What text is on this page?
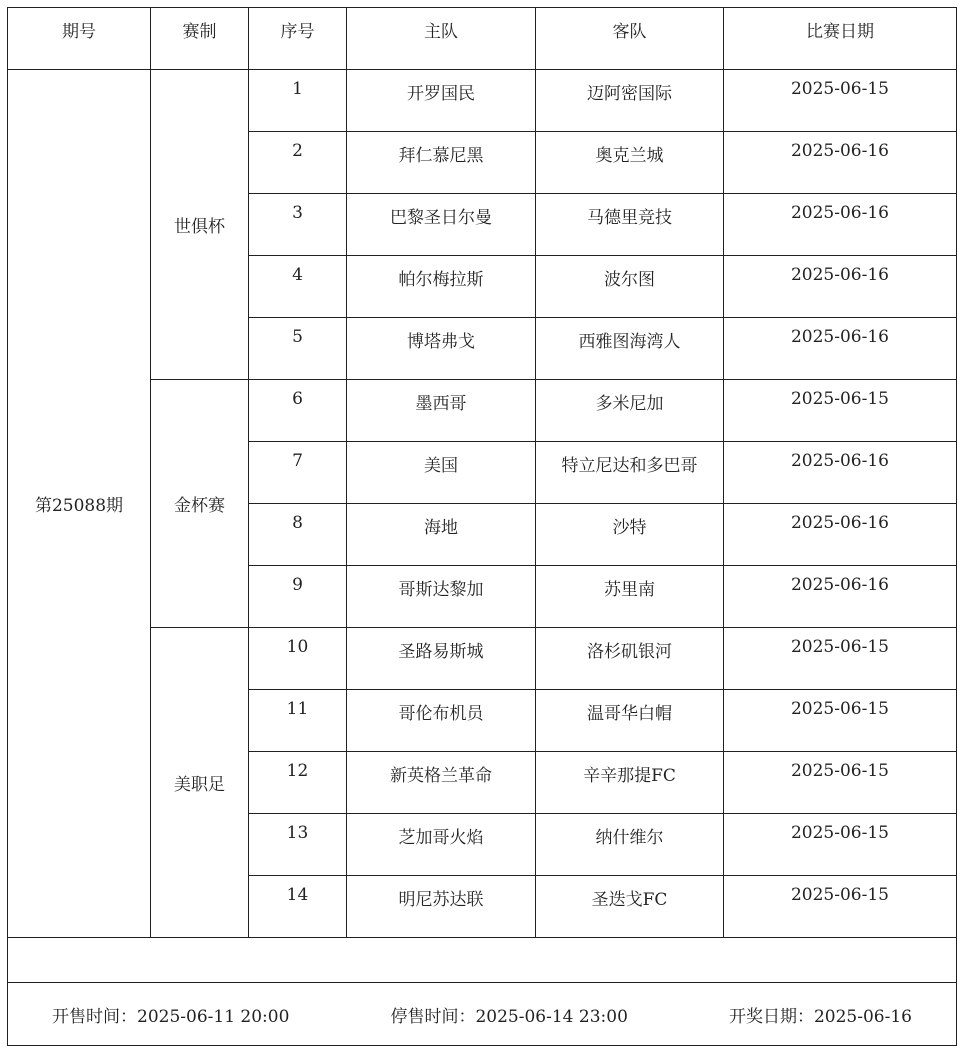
期号	赛制	序号	主队	客队	比赛日期
第25088期	世俱杯	1	开罗国民	迈阿密国际	2025-06-15
		2	拜仁慕尼黑	奥克兰城	2025-06-16
		3	巴黎圣日尔曼	马德里竞技	2025-06-16
		4	帕尔梅拉斯	波尔图	2025-06-16
		5	博塔弗戈	西雅图海湾人	2025-06-16
	金杯赛	6	墨西哥	多米尼加	2025-06-15
		7	美国	特立尼达和多巴哥	2025-06-16
		8	海地	沙特	2025-06-16
		9	哥斯达黎加	苏里南	2025-06-16
	美职足	10	圣路易斯城	洛杉矶银河	2025-06-15
		11	哥伦布机员	温哥华白帽	2025-06-15
		12	新英格兰革命	辛辛那提FC	2025-06-15
		13	芝加哥火焰	纳什维尔	2025-06-15
		14	明尼苏达联	圣迭戈FC	2025-06-15

开售时间：2025-06-11 20:00 停售时间：2025-06-14 23:00 开奖日期：2025-06-16					
